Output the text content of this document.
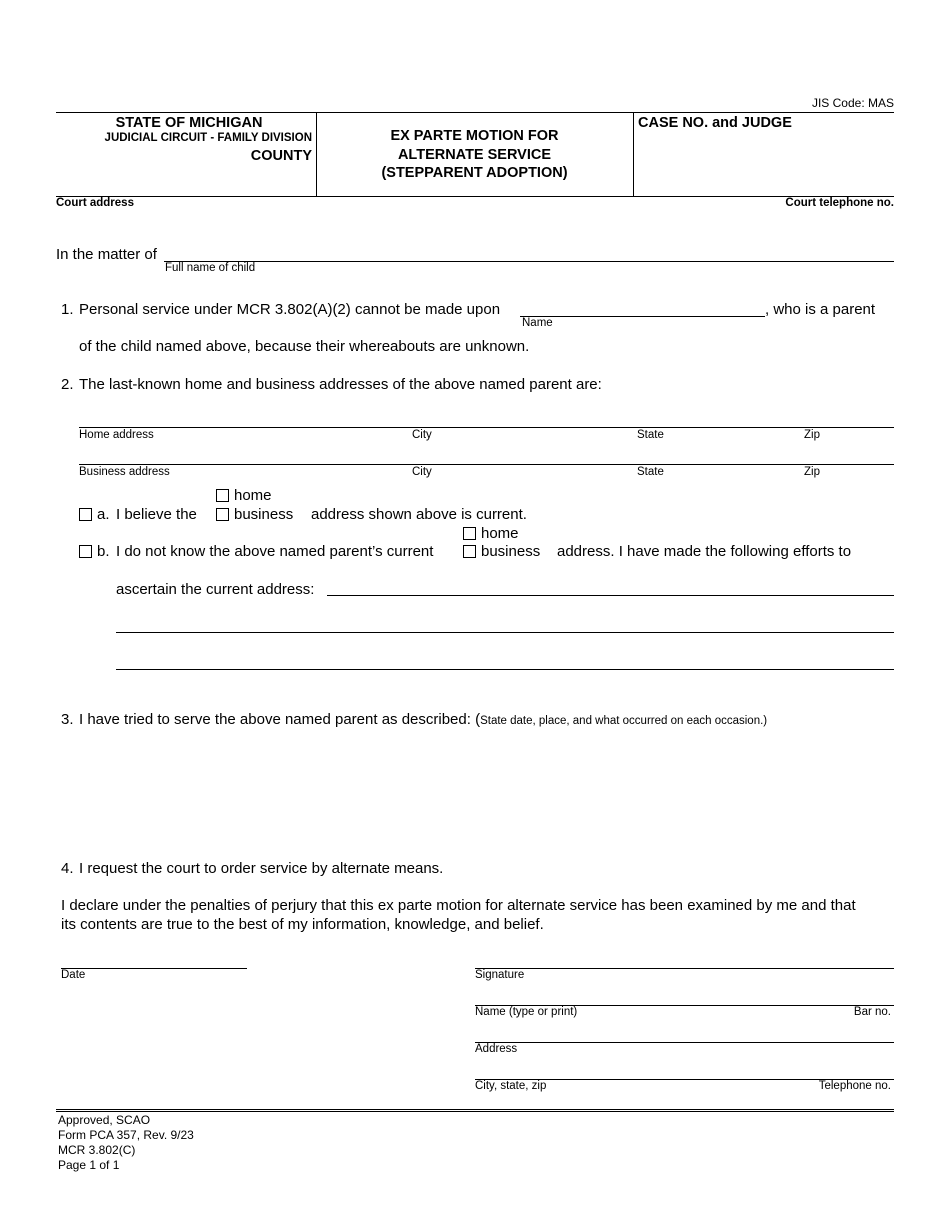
JIS Code: MAS
STATE OF MICHIGAN
JUDICIAL CIRCUIT - FAMILY DIVISION
COUNTY
EX PARTE MOTION FOR
ALTERNATE SERVICE
(STEPPARENT ADOPTION)
CASE NO. and JUDGE
Court address	Court telephone no.
In the matter of
Full name of child
1. Personal service under MCR 3.802(A)(2) cannot be made upon
Name
, who is a parent
of the child named above, because their whereabouts are unknown.
2. The last-known home and business addresses of the above named parent are:
Home address	City	State	Zip
Business address	City	State	Zip
home
a. I believe the business address shown above is current.
home
b. I do not know the above named parent’s current	business address. I have made the following efforts to
ascertain the current address:
3. I have tried to serve the above named parent as described: (State date, place, and what occurred on each occasion.)
4. I request the court to order service by alternate means.
I declare under the penalties of perjury that this ex parte motion for alternate service has been examined by me and that
its contents are true to the best of my information, knowledge, and belief.
Date	Signature
Name (type or print)	Bar no.
Address
City, state, zip	Telephone no.
Approved, SCAO
Form PCA 357, Rev. 9/23
MCR 3.802(C)
Page 1 of 1
